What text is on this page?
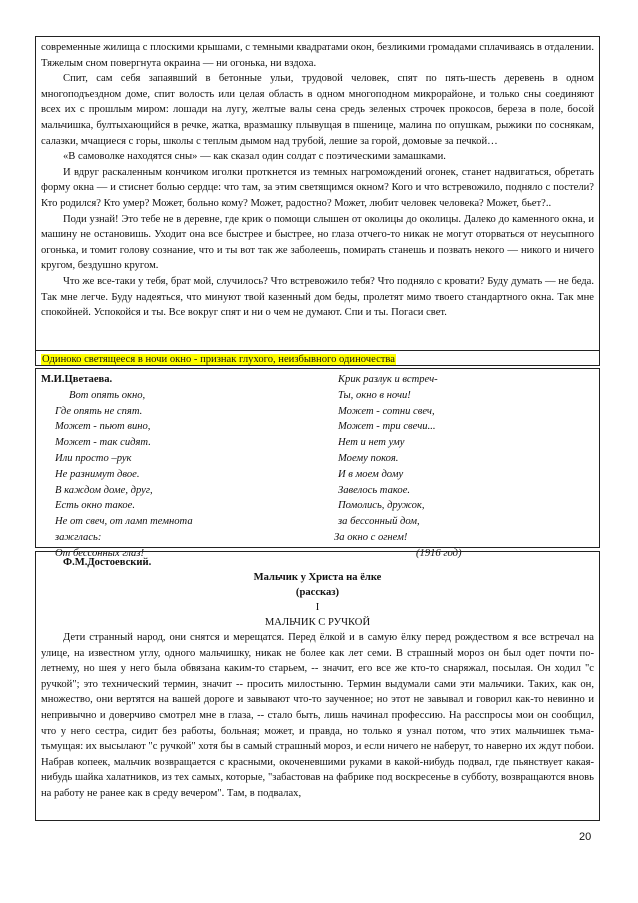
современные жилища с плоскими крышами, с темными квадратами окон, безликими громадами сплачиваясь в отдалении. Тяжелым сном повергнута окраина — ни огонька, ни вздоха.

Спит, сам себя запаявший в бетонные ульи, трудовой человек, спят по пять-шесть деревень в одном многоподъездном доме, спит волость или целая область в одном многоподном микрорайоне, и только сны соединяют всех их с прошлым миром: лошади на лугу, желтые валы сена средь зеленых строчек прокосов, береза в поле, босой мальчишка, бултыхающийся в речке, жатка, вразмашку плывущая в пшенице, малина по опушкам, рыжики по соснякам, салазки, мчащиеся с горы, школы с теплым дымом над трубой, лешие за горой, домовые за печкой…

«В самоволке находятся сны» — как сказал один солдат с поэтическими замашками.

И вдруг раскаленным кончиком иголки проткнется из темных нагромождений огонек, станет надвигаться, обретать форму окна — и стиснет болью сердце: что там, за этим светящимся окном? Кого и что встревожило, подняло с постели? Кто родился? Кто умер? Может, больно кому? Может, радостно? Может, любит человек человека? Может, бьет?..

Поди узнай! Это тебе не в деревне, где крик о помощи слышен от околицы до околицы. Далеко до каменного окна, и машину не остановишь. Уходит она все быстрее и быстрее, но глаза отчего-то никак не могут оторваться от неусыпного огонька, и томит голову сознание, что и ты вот так же заболеешь, помирать станешь и позвать некого — никого и ничего кругом, бездушно кругом.

Что же все-таки у тебя, брат мой, случилось? Что встревожило тебя? Что подняло с кровати? Буду думать — не беда. Так мне легче. Буду надеяться, что минуют твой казенный дом беды, пролетят мимо твоего стандартного окна. Так мне спокойней. Успокойся и ты. Все вокруг спят и ни о чем не думают. Спи и ты. Погаси свет.

Одиноко светящееся в ночи окно - признак глухого, неизбывного одиночества
М.И.Цветаева.
Вот опять окно,
Где опять не спят.
Может - пьют вино,
Может - так сидят.
Или просто –рук
Не разнимут двое.
В каждом доме, друг,
Есть окно такое.
Не от свеч, от ламп темнота
зажглась:
От бессонных глаз!
Крик разлук и встреч-
Ты, окно в ночи!
Может - сотни свеч,
Может - три свечи...
Нет и нет уму
Моему покоя.
И в моем дому
Завелось такое.
Помолись, дружок,
за бессонный дом,
За окно с огнем!
(1916 год)
Ф.М.Достоевский.
Мальчик у Христа на ёлке
(рассказ)
I
МАЛЬЧИК С РУЧКОЙ

Дети странный народ, они снятся и мерещатся. Перед ёлкой и в самую ёлку перед рождеством я все встречал на улице, на известном углу, одного мальчишку, никак не более как лет семи. В страшный мороз он был одет почти по-летнему, но шея у него была обвязана каким-то старьем, -- значит, его все же кто-то снаряжал, посылая. Он ходил "с ручкой"; это технический термин, значит -- просить милостыню. Термин выдумали сами эти мальчики. Таких, как он, множество, они вертятся на вашей дороге и завывают что-то заученное; но этот не завывал и говорил как-то невинно и непривычно и доверчиво смотрел мне в глаза, -- стало быть, лишь начинал профессию. На расспросы мои он сообщил, что у него сестра, сидит без работы, больная; может, и правда, но только я узнал потом, что этих мальчишек тьма-тьмущая: их высылают "с ручкой" хотя бы в самый страшный мороз, и если ничего не наберут, то наверно их ждут побои. Набрав копеек, мальчик возвращается с красными, окоченевшими руками в какой-нибудь подвал, где пьянствует какая-нибудь шайка халатников, из тех самых, которые, "забастовав на фабрике под воскресенье в субботу, возвращаются вновь на работу не ранее как в среду вечером". Там, в подвалах,

20
